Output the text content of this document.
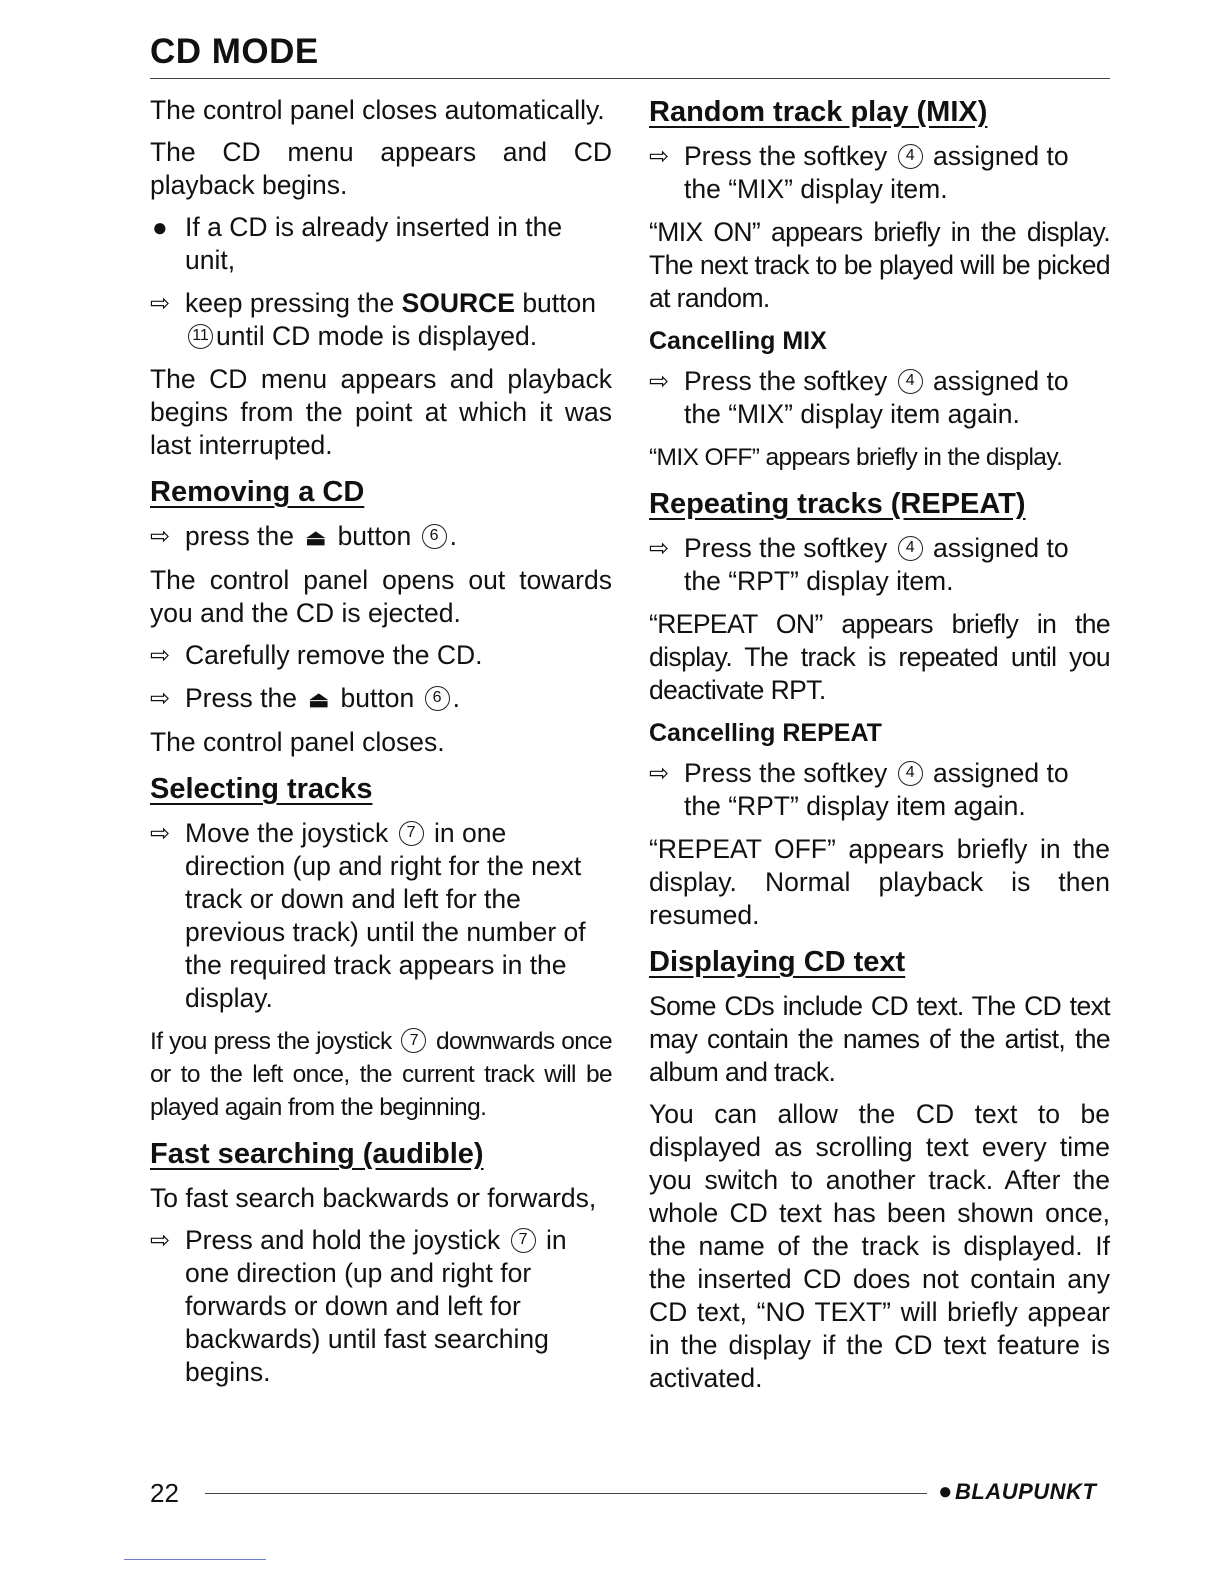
CD MODE

The control panel closes automatically.

The CD menu appears and CD playback begins.

● If a CD is already inserted in the unit,
⇨ keep pressing the SOURCE button 11 until CD mode is displayed.

The CD menu appears and playback begins from the point at which it was last interrupted.

Removing a CD
⇨ press the ⏏ button 6 .

The control panel opens out towards you and the CD is ejected.

⇨ Carefully remove the CD.
⇨ Press the ⏏ button 6 .

The control panel closes.

Selecting tracks
⇨ Move the joystick 7 in one direction (up and right for the next track or down and left for the previous track) until the number of the required track appears in the display.

If you press the joystick 7 downwards once or to the left once, the current track will be played again from the beginning.

Fast searching (audible)

To fast search backwards or forwards,

⇨ Press and hold the joystick 7 in one direction (up and right for forwards or down and left for backwards) until fast searching begins.
Random track play (MIX)
⇨ Press the softkey 4 assigned to the “MIX” display item.

“MIX ON” appears briefly in the display. The next track to be played will be picked at random.

Cancelling MIX
⇨ Press the softkey 4 assigned to the “MIX” display item again.

“MIX OFF” appears briefly in the display.

Repeating tracks (REPEAT)
⇨ Press the softkey 4 assigned to the “RPT” display item.

“REPEAT ON” appears briefly in the display. The track is repeated until you deactivate RPT.

Cancelling REPEAT
⇨ Press the softkey 4 assigned to the “RPT” display item again.

“REPEAT OFF” appears briefly in the display. Normal playback is then resumed.

Displaying CD text

Some CDs include CD text. The CD text may contain the names of the artist, the album and track.

You can allow the CD text to be displayed as scrolling text every time you switch to another track. After the whole CD text has been shown once, the name of the track is displayed. If the inserted CD does not contain any CD text, “NO TEXT” will briefly appear in the display if the CD text feature is activated.

22	●BLAUPUNKT
